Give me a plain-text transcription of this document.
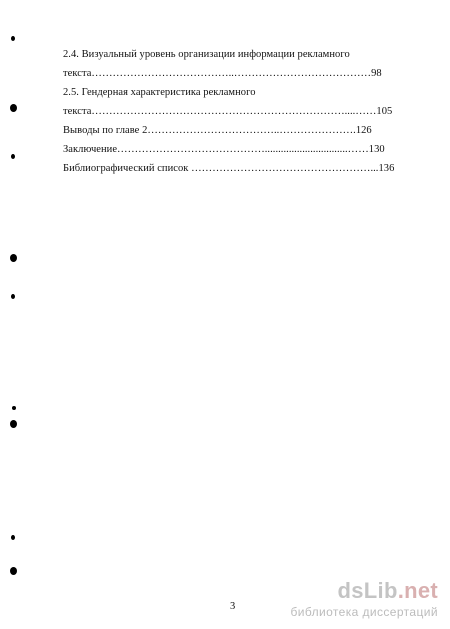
2.4. Визуальный уровень организации информации рекламного
текста…………………………………..…………………………………98
2.5. Гендерная характеристика рекламного
текста………………………………………………………………....……105
Выводы по главе 2………………………………..………………….126
Заключение……………………………………...............................……130
Библиографический список ……………………………………………...136
3
dsLib.net
библиотека диссертаций
